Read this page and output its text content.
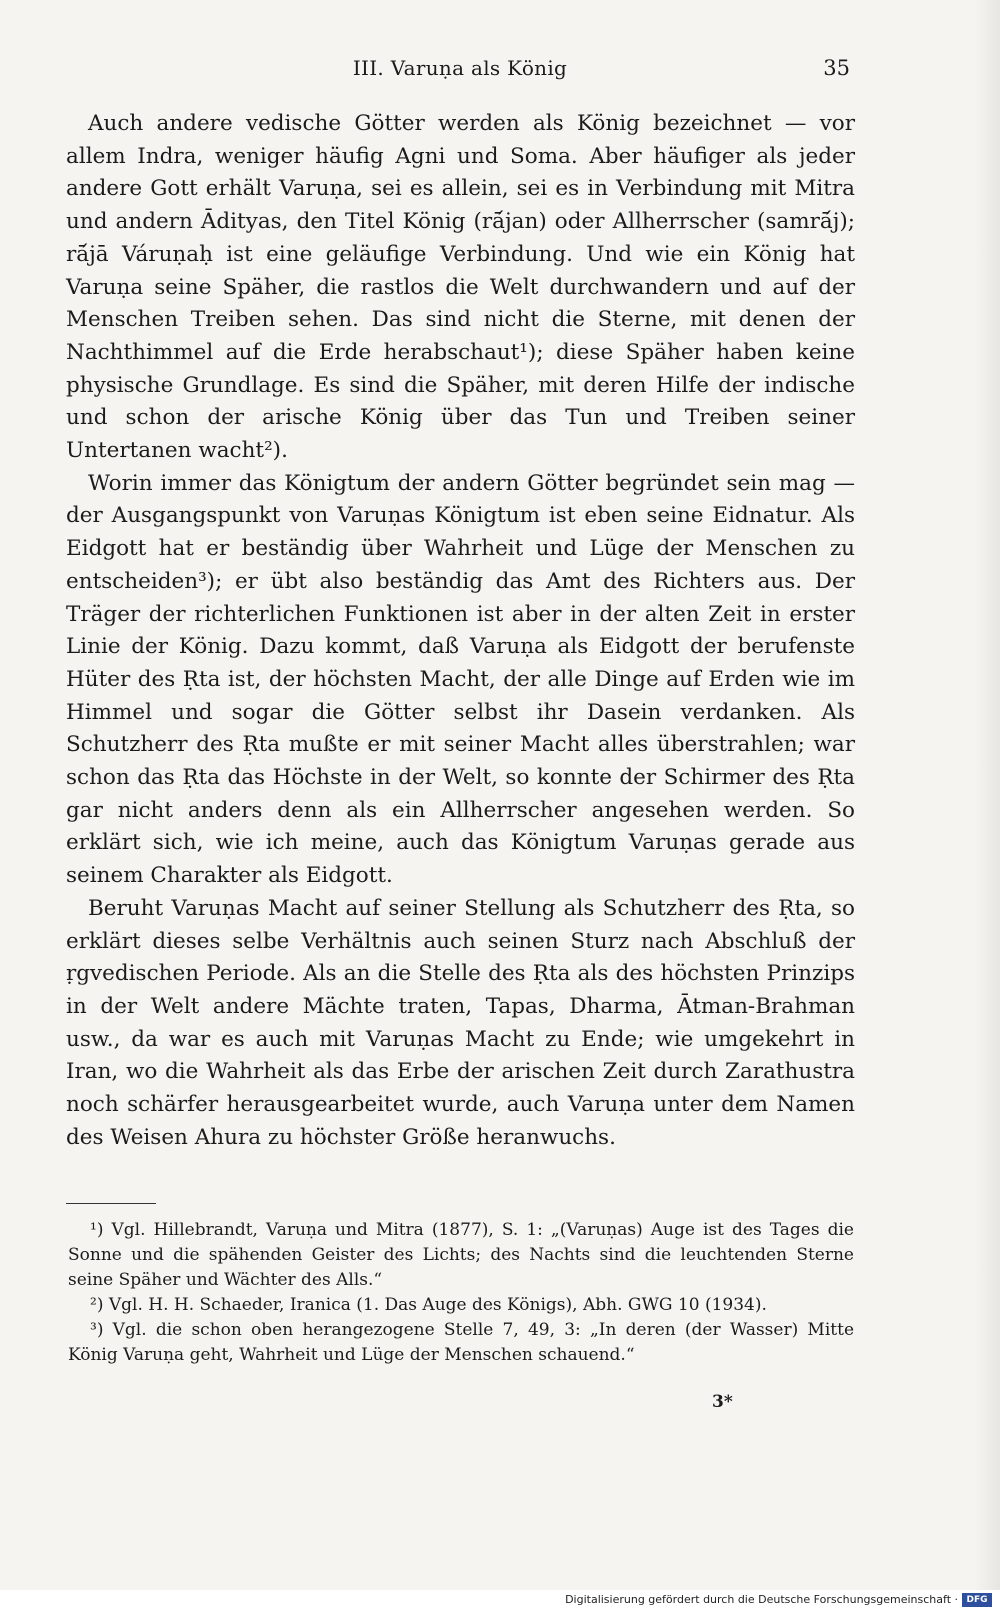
III. Varuṇa als König	35

Auch andere vedische Götter werden als König bezeichnet — vor allem Indra, weniger häufig Agni und Soma. Aber häufiger als jeder andere Gott erhält Varuṇa, sei es allein, sei es in Verbindung mit Mitra und andern Ādityas, den Titel König (rā́jan) oder Allherrscher (samrā́j); rā́jā Váruṇaḥ ist eine geläufige Verbindung. Und wie ein König hat Varuṇa seine Späher, die rastlos die Welt durchwandern und auf der Menschen Treiben sehen. Das sind nicht die Sterne, mit denen der Nachthimmel auf die Erde herabschaut¹); diese Späher haben keine physische Grundlage. Es sind die Späher, mit deren Hilfe der indische und schon der arische König über das Tun und Treiben seiner Untertanen wacht²).

Worin immer das Königtum der andern Götter begründet sein mag — der Ausgangspunkt von Varuṇas Königtum ist eben seine Eidnatur. Als Eidgott hat er beständig über Wahrheit und Lüge der Menschen zu entscheiden³); er übt also beständig das Amt des Richters aus. Der Träger der richterlichen Funktionen ist aber in der alten Zeit in erster Linie der König. Dazu kommt, daß Varuṇa als Eidgott der berufenste Hüter des Ṛta ist, der höchsten Macht, der alle Dinge auf Erden wie im Himmel und sogar die Götter selbst ihr Dasein verdanken. Als Schutzherr des Ṛta mußte er mit seiner Macht alles überstrahlen; war schon das Ṛta das Höchste in der Welt, so konnte der Schirmer des Ṛta gar nicht anders denn als ein Allherrscher angesehen werden. So erklärt sich, wie ich meine, auch das Königtum Varuṇas gerade aus seinem Charakter als Eidgott.

Beruht Varuṇas Macht auf seiner Stellung als Schutzherr des Ṛta, so erklärt dieses selbe Verhältnis auch seinen Sturz nach Abschluß der ṛgvedischen Periode. Als an die Stelle des Ṛta als des höchsten Prinzips in der Welt andere Mächte traten, Tapas, Dharma, Ātman-Brahman usw., da war es auch mit Varuṇas Macht zu Ende; wie umgekehrt in Iran, wo die Wahrheit als das Erbe der arischen Zeit durch Zarathustra noch schärfer herausgearbeitet wurde, auch Varuṇa unter dem Namen des Weisen Ahura zu höchster Größe heranwuchs.

¹) Vgl. Hillebrandt, Varuṇa und Mitra (1877), S. 1: „(Varuṇas) Auge ist des Tages die Sonne und die spähenden Geister des Lichts; des Nachts sind die leuchtenden Sterne seine Späher und Wächter des Alls.“

²) Vgl. H. H. Schaeder, Iranica (1. Das Auge des Königs), Abh. GWG 10 (1934).

³) Vgl. die schon oben herangezogene Stelle 7, 49, 3: „In deren (der Wasser) Mitte König Varuṇa geht, Wahrheit und Lüge der Menschen schauend.“

3*
Digitalisierung gefördert durch die Deutsche Forschungsgemeinschaft · DFG
